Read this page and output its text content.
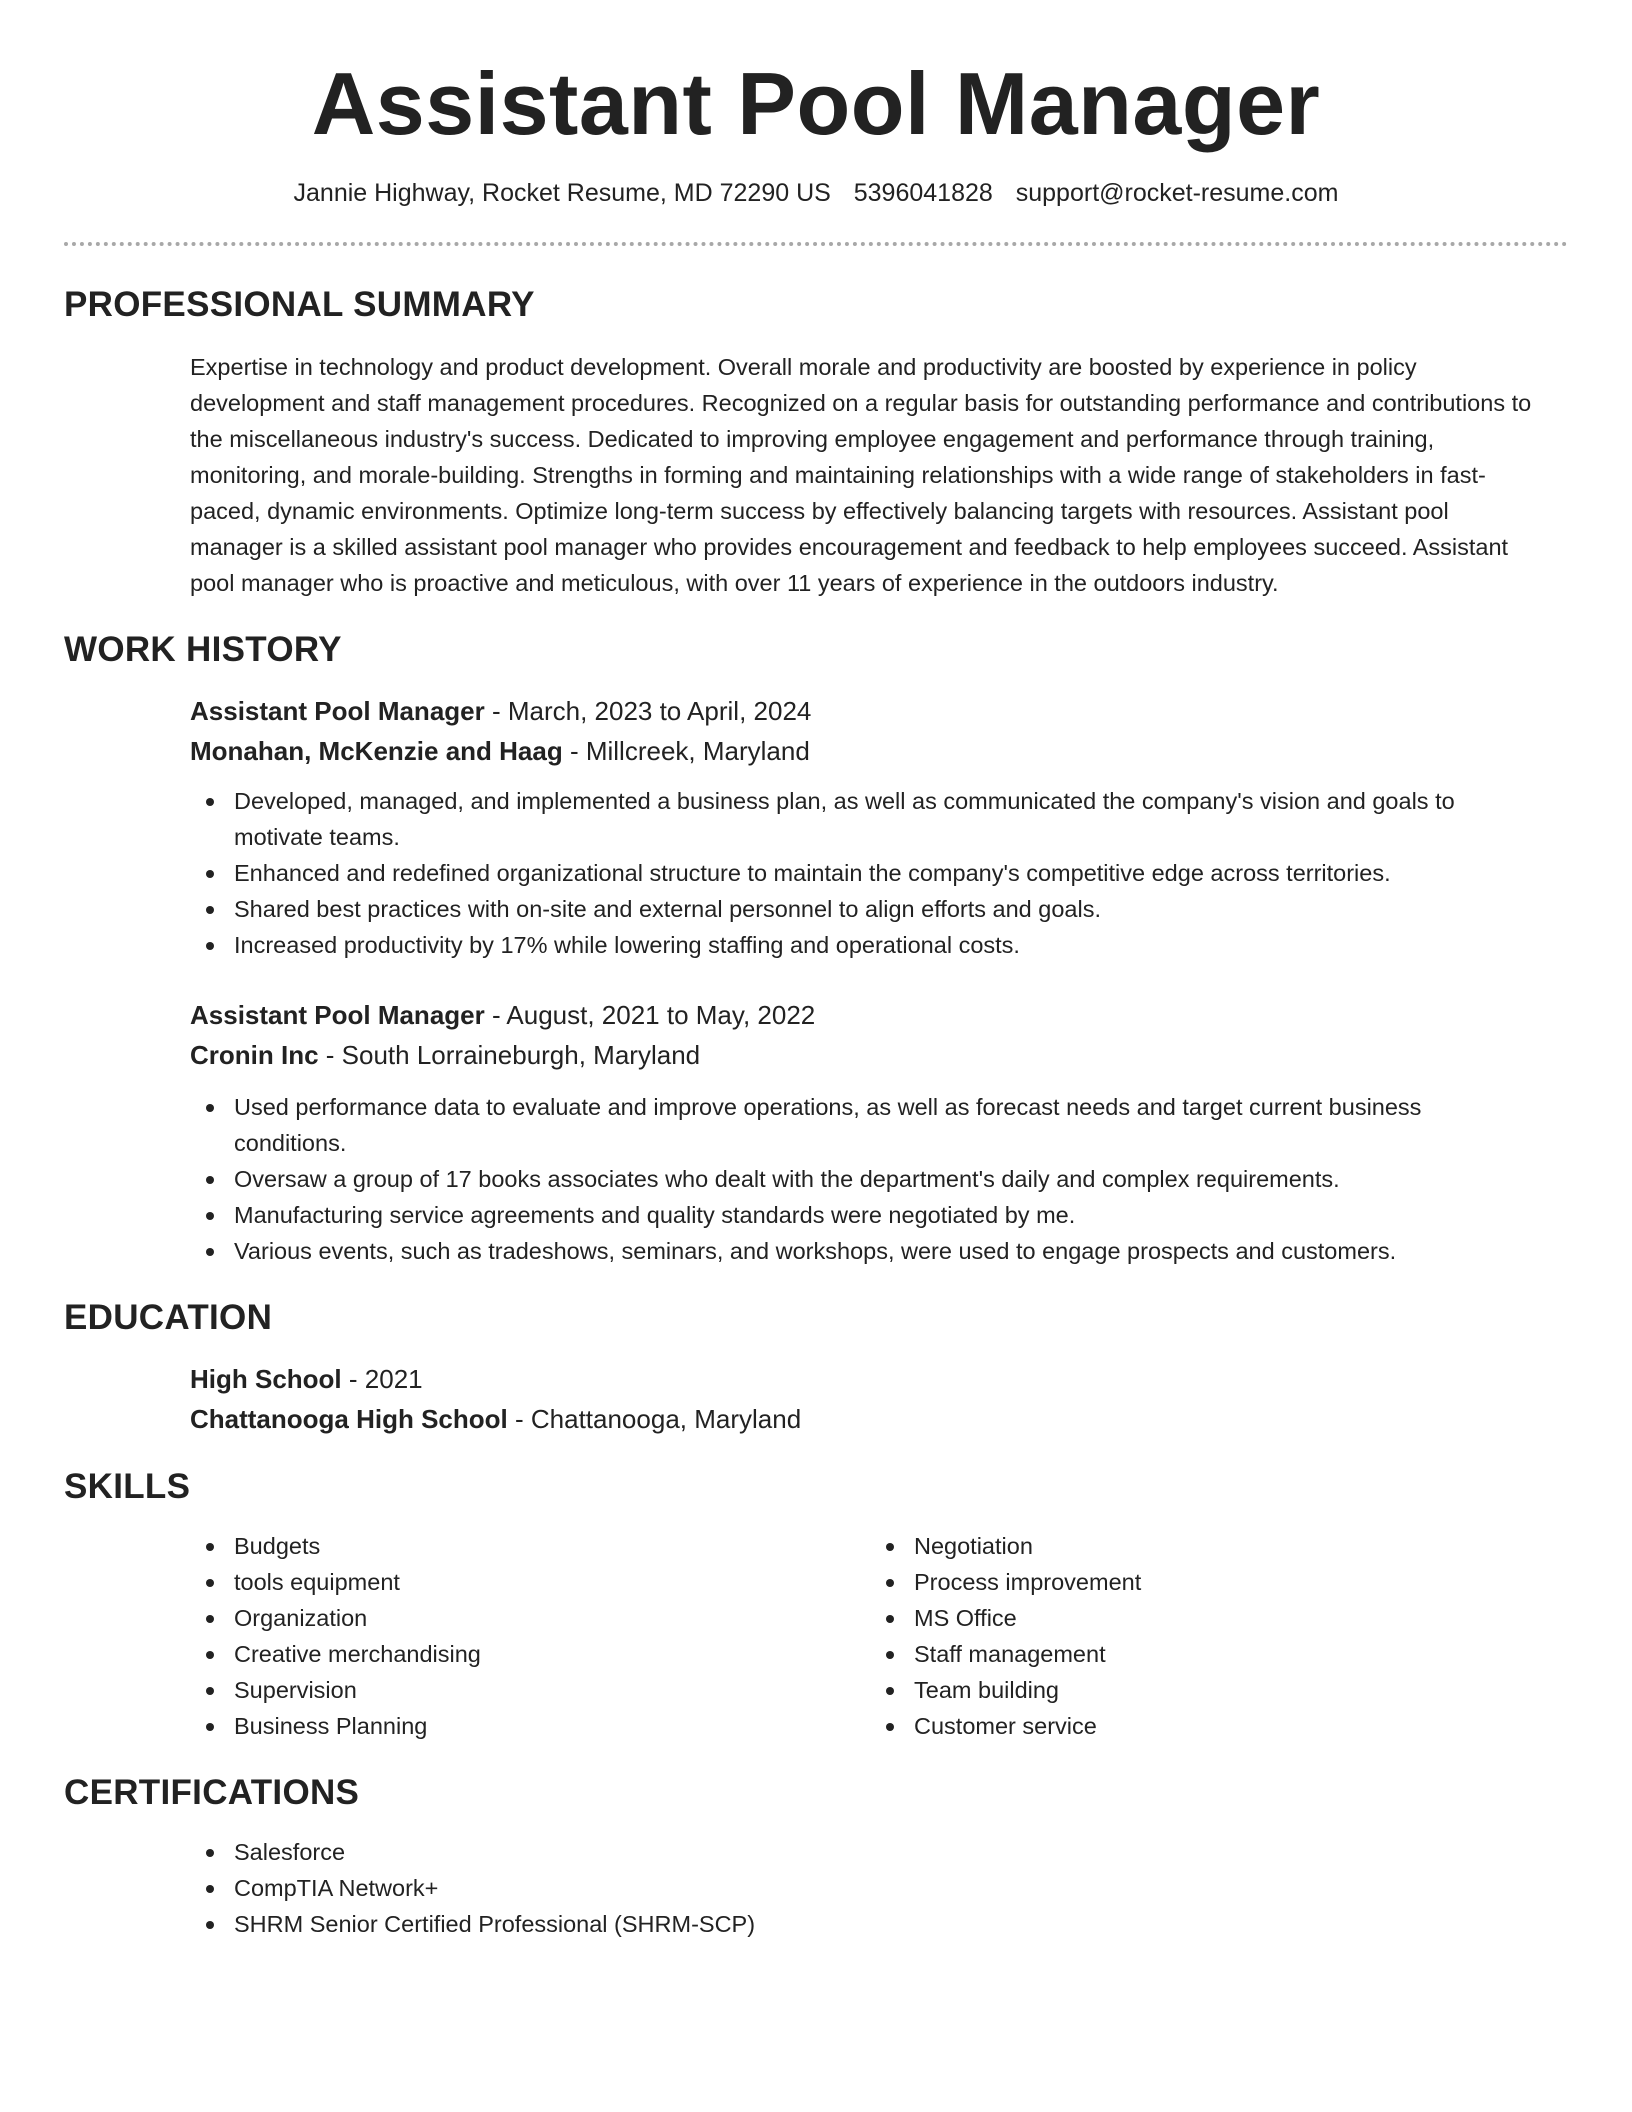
Assistant Pool Manager
Jannie Highway, Rocket Resume, MD 72290 US 5396041828 support@rocket-resume.com
PROFESSIONAL SUMMARY

Expertise in technology and product development. Overall morale and productivity are boosted by experience in policy development and staff management procedures. Recognized on a regular basis for outstanding performance and contributions to the miscellaneous industry's success. Dedicated to improving employee engagement and performance through training, monitoring, and morale-building. Strengths in forming and maintaining relationships with a wide range of stakeholders in fast-paced, dynamic environments. Optimize long-term success by effectively balancing targets with resources. Assistant pool manager is a skilled assistant pool manager who provides encouragement and feedback to help employees succeed. Assistant pool manager who is proactive and meticulous, with over 11 years of experience in the outdoors industry.

WORK HISTORY
Assistant Pool Manager - March, 2023 to April, 2024
Monahan, McKenzie and Haag - Millcreek, Maryland
Developed, managed, and implemented a business plan, as well as communicated the company's vision and goals to motivate teams.
Enhanced and redefined organizational structure to maintain the company's competitive edge across territories.
Shared best practices with on-site and external personnel to align efforts and goals.
Increased productivity by 17% while lowering staffing and operational costs.
Assistant Pool Manager - August, 2021 to May, 2022
Cronin Inc - South Lorraineburgh, Maryland
Used performance data to evaluate and improve operations, as well as forecast needs and target current business conditions.
Oversaw a group of 17 books associates who dealt with the department's daily and complex requirements.
Manufacturing service agreements and quality standards were negotiated by me.
Various events, such as tradeshows, seminars, and workshops, were used to engage prospects and customers.
EDUCATION
High School - 2021
Chattanooga High School - Chattanooga, Maryland
SKILLS
Budgets
tools equipment
Organization
Creative merchandising
Supervision
Business Planning
Negotiation
Process improvement
MS Office
Staff management
Team building
Customer service
CERTIFICATIONS
Salesforce
CompTIA Network+
SHRM Senior Certified Professional (SHRM-SCP)
